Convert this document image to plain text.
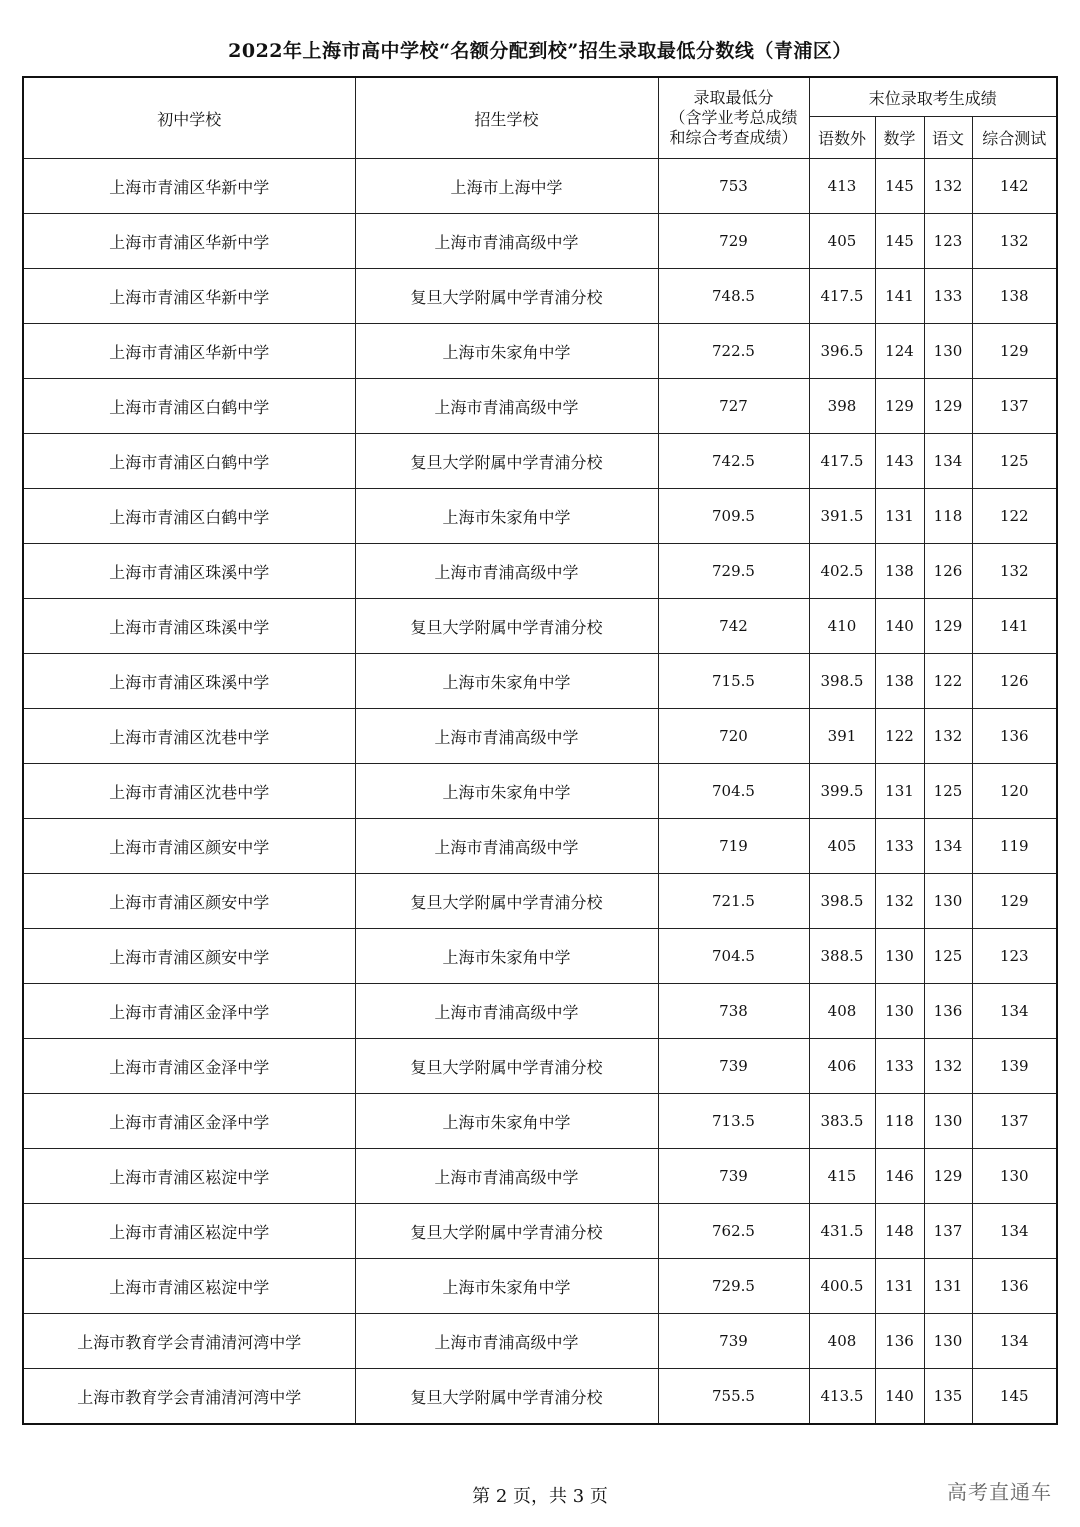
2022年上海市高中学校“名额分配到校”招生录取最低分数线（青浦区）
初中学校	招生学校	录取最低分
（含学业考总成绩
和综合考查成绩）	末位录取考生成绩			
			语数外	数学	语文	综合测试
上海市青浦区华新中学	上海市上海中学	753	413	145	132	142
上海市青浦区华新中学	上海市青浦高级中学	729	405	145	123	132
上海市青浦区华新中学	复旦大学附属中学青浦分校	748.5	417.5	141	133	138
上海市青浦区华新中学	上海市朱家角中学	722.5	396.5	124	130	129
上海市青浦区白鹤中学	上海市青浦高级中学	727	398	129	129	137
上海市青浦区白鹤中学	复旦大学附属中学青浦分校	742.5	417.5	143	134	125
上海市青浦区白鹤中学	上海市朱家角中学	709.5	391.5	131	118	122
上海市青浦区珠溪中学	上海市青浦高级中学	729.5	402.5	138	126	132
上海市青浦区珠溪中学	复旦大学附属中学青浦分校	742	410	140	129	141
上海市青浦区珠溪中学	上海市朱家角中学	715.5	398.5	138	122	126
上海市青浦区沈巷中学	上海市青浦高级中学	720	391	122	132	136
上海市青浦区沈巷中学	上海市朱家角中学	704.5	399.5	131	125	120
上海市青浦区颜安中学	上海市青浦高级中学	719	405	133	134	119
上海市青浦区颜安中学	复旦大学附属中学青浦分校	721.5	398.5	132	130	129
上海市青浦区颜安中学	上海市朱家角中学	704.5	388.5	130	125	123
上海市青浦区金泽中学	上海市青浦高级中学	738	408	130	136	134
上海市青浦区金泽中学	复旦大学附属中学青浦分校	739	406	133	132	139
上海市青浦区金泽中学	上海市朱家角中学	713.5	383.5	118	130	137
上海市青浦区崧淀中学	上海市青浦高级中学	739	415	146	129	130
上海市青浦区崧淀中学	复旦大学附属中学青浦分校	762.5	431.5	148	137	134
上海市青浦区崧淀中学	上海市朱家角中学	729.5	400.5	131	131	136
上海市教育学会青浦清河湾中学	上海市青浦高级中学	739	408	136	130	134
上海市教育学会青浦清河湾中学	复旦大学附属中学青浦分校	755.5	413.5	140	135	145
第 2 页，共 3 页	高考直通车
